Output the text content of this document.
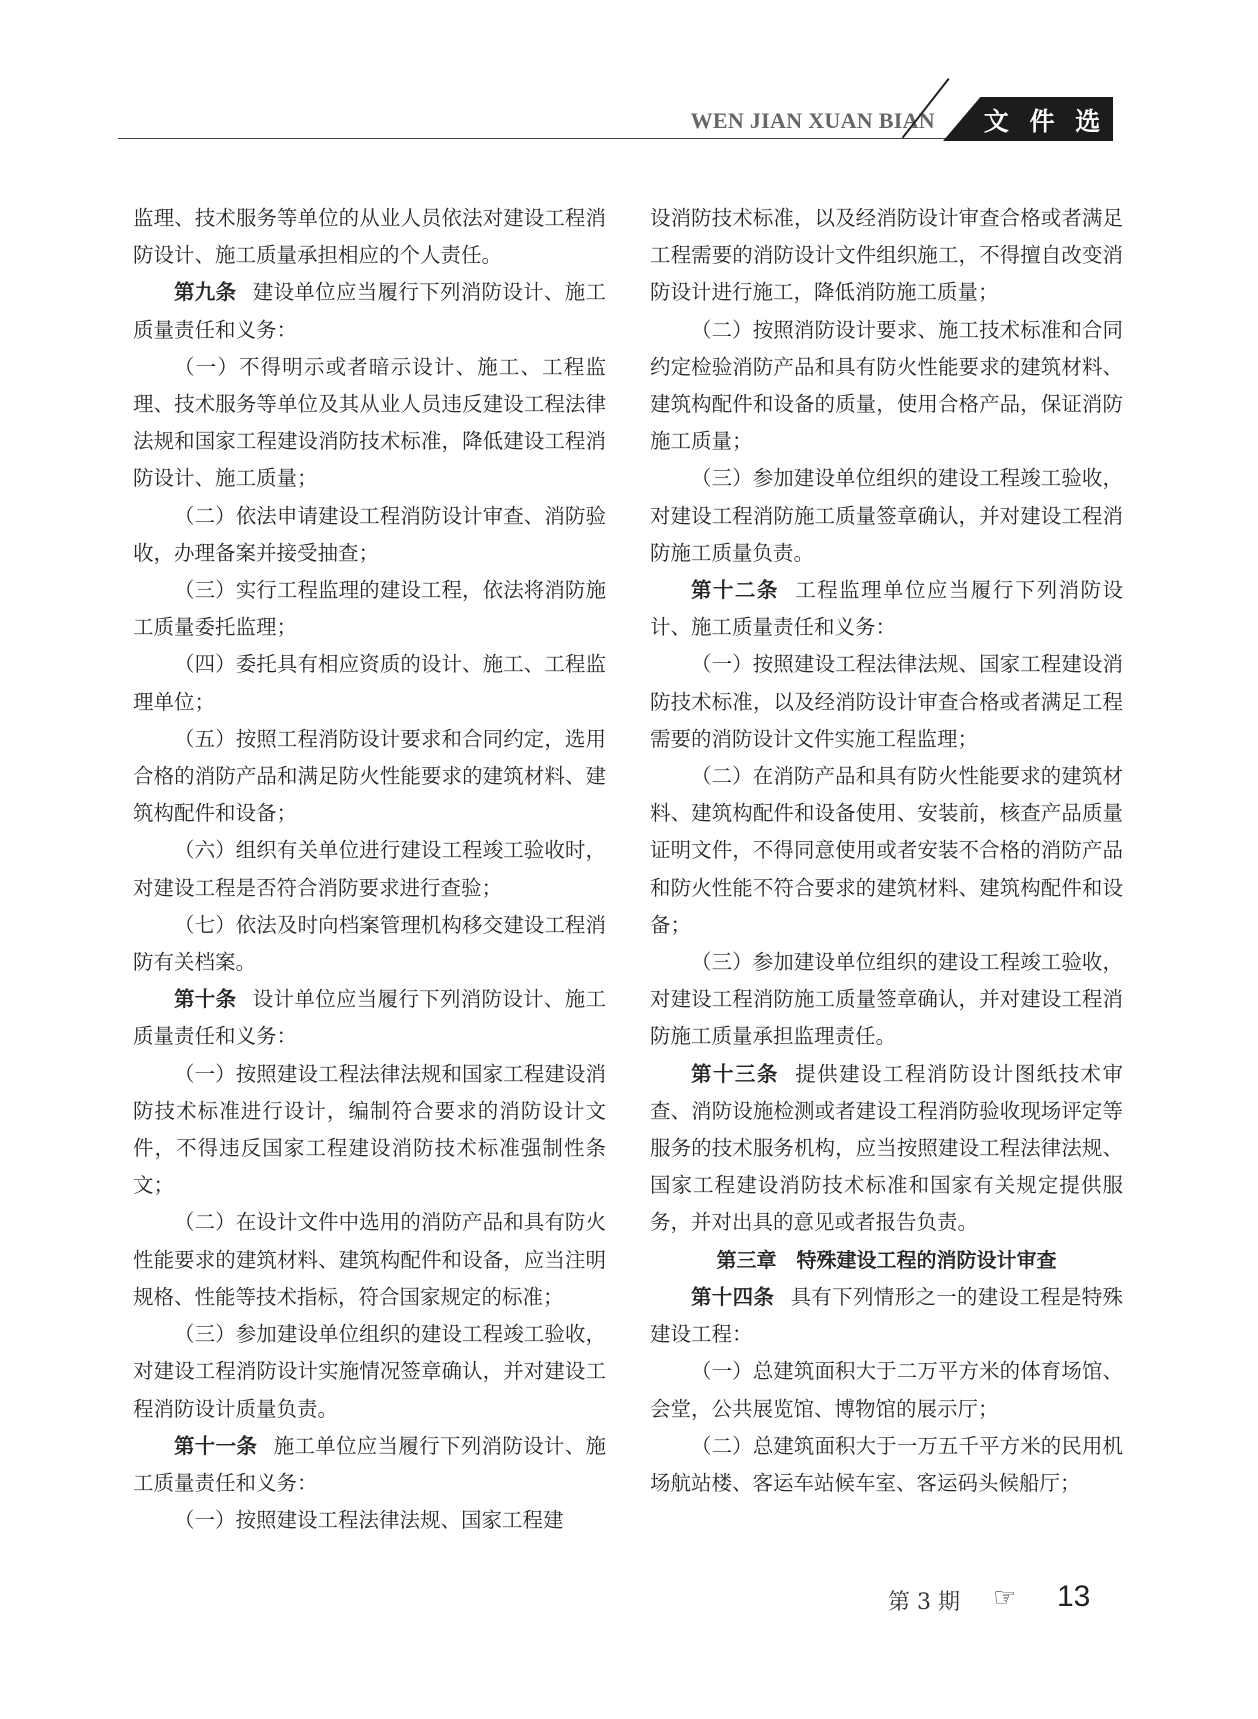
WEN JIAN XUAN BIAN 文 件 选 编

监理、技术服务等单位的从业人员依法对建设工程消防设计、施工质量承担相应的个人责任。

第九条 建设单位应当履行下列消防设计、施工质量责任和义务：

（一）不得明示或者暗示设计、施工、工程监理、技术服务等单位及其从业人员违反建设工程法律法规和国家工程建设消防技术标准，降低建设工程消防设计、施工质量；

（二）依法申请建设工程消防设计审查、消防验收，办理备案并接受抽查；

（三）实行工程监理的建设工程，依法将消防施工质量委托监理；

（四）委托具有相应资质的设计、施工、工程监理单位；

（五）按照工程消防设计要求和合同约定，选用合格的消防产品和满足防火性能要求的建筑材料、建筑构配件和设备；

（六）组织有关单位进行建设工程竣工验收时，对建设工程是否符合消防要求进行查验；

（七）依法及时向档案管理机构移交建设工程消防有关档案。

第十条 设计单位应当履行下列消防设计、施工质量责任和义务：

（一）按照建设工程法律法规和国家工程建设消防技术标准进行设计，编制符合要求的消防设计文件，不得违反国家工程建设消防技术标准强制性条文；

（二）在设计文件中选用的消防产品和具有防火性能要求的建筑材料、建筑构配件和设备，应当注明规格、性能等技术指标，符合国家规定的标准；

（三）参加建设单位组织的建设工程竣工验收，对建设工程消防设计实施情况签章确认，并对建设工程消防设计质量负责。

第十一条 施工单位应当履行下列消防设计、施工质量责任和义务：

（一）按照建设工程法律法规、国家工程建

设消防技术标准，以及经消防设计审查合格或者满足工程需要的消防设计文件组织施工，不得擅自改变消防设计进行施工，降低消防施工质量；

（二）按照消防设计要求、施工技术标准和合同约定检验消防产品和具有防火性能要求的建筑材料、建筑构配件和设备的质量，使用合格产品，保证消防施工质量；

（三）参加建设单位组织的建设工程竣工验收，对建设工程消防施工质量签章确认，并对建设工程消防施工质量负责。

第十二条 工程监理单位应当履行下列消防设计、施工质量责任和义务：

（一）按照建设工程法律法规、国家工程建设消防技术标准，以及经消防设计审查合格或者满足工程需要的消防设计文件实施工程监理；

（二）在消防产品和具有防火性能要求的建筑材料、建筑构配件和设备使用、安装前，核查产品质量证明文件，不得同意使用或者安装不合格的消防产品和防火性能不符合要求的建筑材料、建筑构配件和设备；

（三）参加建设单位组织的建设工程竣工验收，对建设工程消防施工质量签章确认，并对建设工程消防施工质量承担监理责任。

第十三条 提供建设工程消防设计图纸技术审查、消防设施检测或者建设工程消防验收现场评定等服务的技术服务机构，应当按照建设工程法律法规、国家工程建设消防技术标准和国家有关规定提供服务，并对出具的意见或者报告负责。

第三章　特殊建设工程的消防设计审查

第十四条 具有下列情形之一的建设工程是特殊建设工程：

（一）总建筑面积大于二万平方米的体育场馆、会堂，公共展览馆、博物馆的展示厅；

（二）总建筑面积大于一万五千平方米的民用机场航站楼、客运车站候车室、客运码头候船厅；

第 3 期 ☞ 13
